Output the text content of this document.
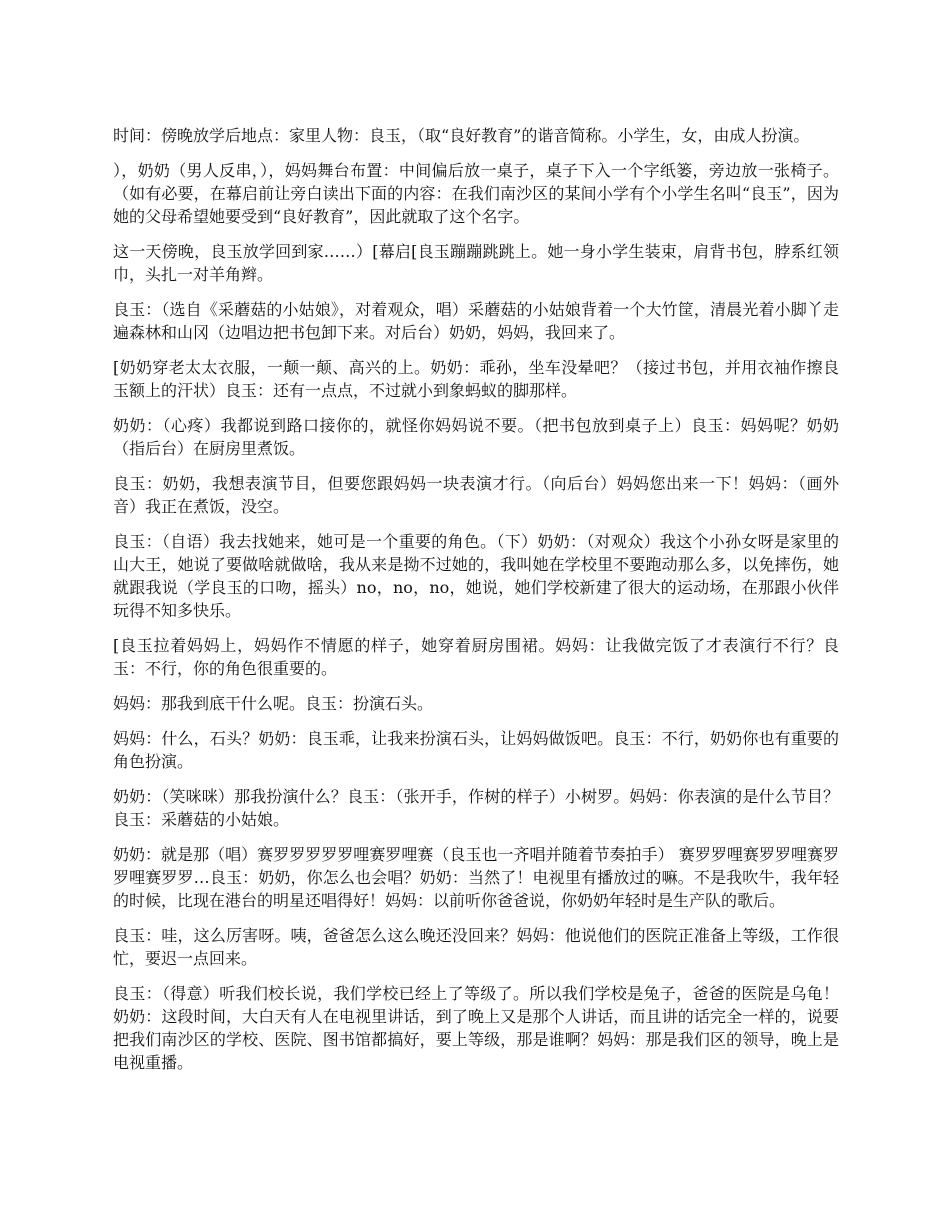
时间：傍晚放学后地点：家里人物：良玉，（取“良好教育”的谐音简称。小学生，女，由成人扮演。

），奶奶（男人反串，），妈妈舞台布置：中间偏后放一桌子，桌子下入一个字纸篓，旁边放一张椅子。（如有必要，在幕启前让旁白读出下面的内容：在我们南沙区的某间小学有个小学生名叫“良玉”，因为她的父母希望她要受到“良好教育”，因此就取了这个名字。

这一天傍晚，良玉放学回到家……）[幕启[良玉蹦蹦跳跳上。她一身小学生装束，肩背书包，脖系红领巾，头扎一对羊角辫。

良玉：（选自《采蘑菇的小姑娘》，对着观众，唱）采蘑菇的小姑娘背着一个大竹筐，清晨光着小脚丫走遍森林和山冈（边唱边把书包卸下来。对后台）奶奶，妈妈，我回来了。

[奶奶穿老太太衣服，一颠一颠、高兴的上。奶奶：乖孙，坐车没晕吧？（接过书包，并用衣袖作擦良玉额上的汗状）良玉：还有一点点，不过就小到象蚂蚁的脚那样。

奶奶：（心疼）我都说到路口接你的，就怪你妈妈说不要。（把书包放到桌子上）良玉：妈妈呢？奶奶（指后台）在厨房里煮饭。

良玉：奶奶，我想表演节目，但要您跟妈妈一块表演才行。（向后台）妈妈您出来一下！妈妈：（画外音）我正在煮饭，没空。

良玉：（自语）我去找她来，她可是一个重要的角色。（下）奶奶：（对观众）我这个小孙女呀是家里的山大王，她说了要做啥就做啥，我从来是拗不过她的，我叫她在学校里不要跑动那么多，以免摔伤，她就跟我说（学良玉的口吻，摇头）no，no，no，她说，她们学校新建了很大的运动场，在那跟小伙伴玩得不知多快乐。

[良玉拉着妈妈上，妈妈作不情愿的样子，她穿着厨房围裙。妈妈：让我做完饭了才表演行不行？良玉：不行，你的角色很重要的。

妈妈：那我到底干什么呢。良玉：扮演石头。

妈妈：什么，石头？奶奶：良玉乖，让我来扮演石头，让妈妈做饭吧。良玉：不行，奶奶你也有重要的角色扮演。

奶奶：（笑咪咪）那我扮演什么？良玉：（张开手，作树的样子）小树罗。妈妈：你表演的是什么节目？良玉：采蘑菇的小姑娘。

奶奶：就是那（唱）赛罗罗罗罗罗哩赛罗哩赛（良玉也一齐唱并随着节奏拍手） 赛罗罗哩赛罗罗哩赛罗罗哩赛罗罗…良玉：奶奶，你怎么也会唱？奶奶：当然了！电视里有播放过的嘛。不是我吹牛，我年轻的时候，比现在港台的明星还唱得好！妈妈：以前听你爸爸说，你奶奶年轻时是生产队的歌后。

良玉：哇，这么厉害呀。咦，爸爸怎么这么晚还没回来？妈妈：他说他们的医院正准备上等级，工作很忙，要迟一点回来。

良玉：（得意）听我们校长说，我们学校已经上了等级了。所以我们学校是兔子，爸爸的医院是乌龟！奶奶：这段时间，大白天有人在电视里讲话，到了晚上又是那个人讲话，而且讲的话完全一样的，说要把我们南沙区的学校、医院、图书馆都搞好，要上等级，那是谁啊？妈妈：那是我们区的领导，晚上是电视重播。
